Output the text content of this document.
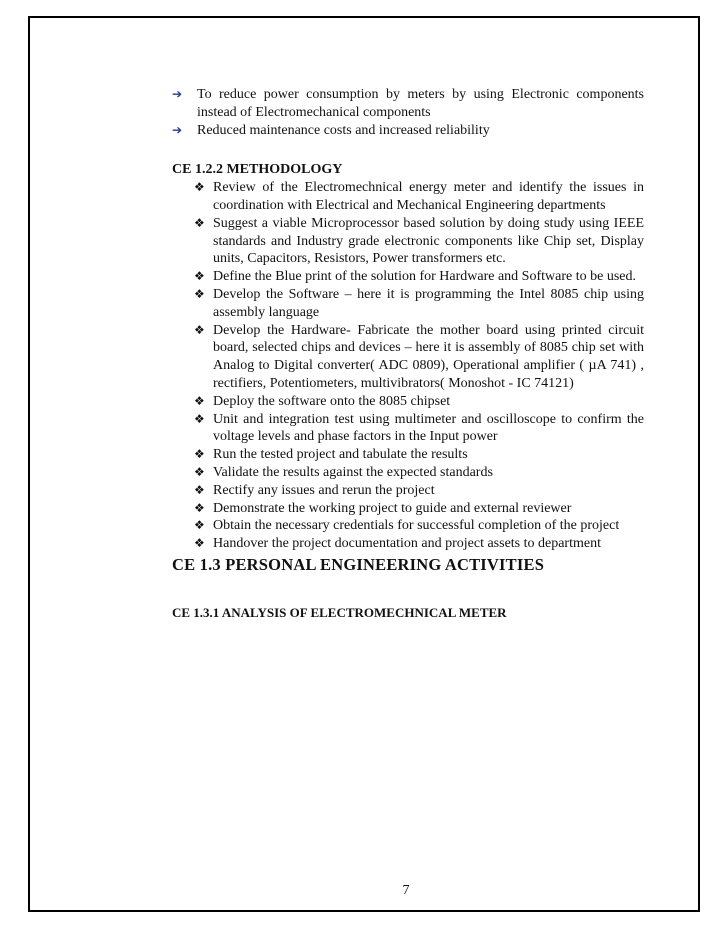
➔ To reduce power consumption by meters by using Electronic components instead of Electromechanical components
➔ Reduced maintenance costs and increased reliability
CE 1.2.2 METHODOLOGY
❖ Review of the Electromechnical energy meter and identify the issues in coordination with Electrical and Mechanical Engineering departments
❖ Suggest a viable Microprocessor based solution by doing study using IEEE standards and Industry grade electronic components like Chip set, Display units, Capacitors, Resistors, Power transformers etc.
❖ Define the Blue print of the solution for Hardware and Software to be used.
❖ Develop the Software – here it is programming the Intel 8085 chip using assembly language
❖ Develop the Hardware- Fabricate the mother board using printed circuit board, selected chips and devices – here it is assembly of 8085 chip set with Analog to Digital converter( ADC 0809), Operational amplifier ( µA 741) , rectifiers, Potentiometers, multivibrators( Monoshot - IC 74121)
❖ Deploy the software onto the 8085 chipset
❖ Unit and integration test using multimeter and oscilloscope to confirm the voltage levels and phase factors in the Input power
❖ Run the tested project and tabulate the results
❖ Validate the results against the expected standards
❖ Rectify any issues and rerun the project
❖ Demonstrate the working project to guide and external reviewer
❖ Obtain the necessary credentials for successful completion of the project
❖ Handover the project documentation and project assets to department
CE 1.3 PERSONAL ENGINEERING ACTIVITIES
CE 1.3.1 ANALYSIS OF ELECTROMECHNICAL METER
7
